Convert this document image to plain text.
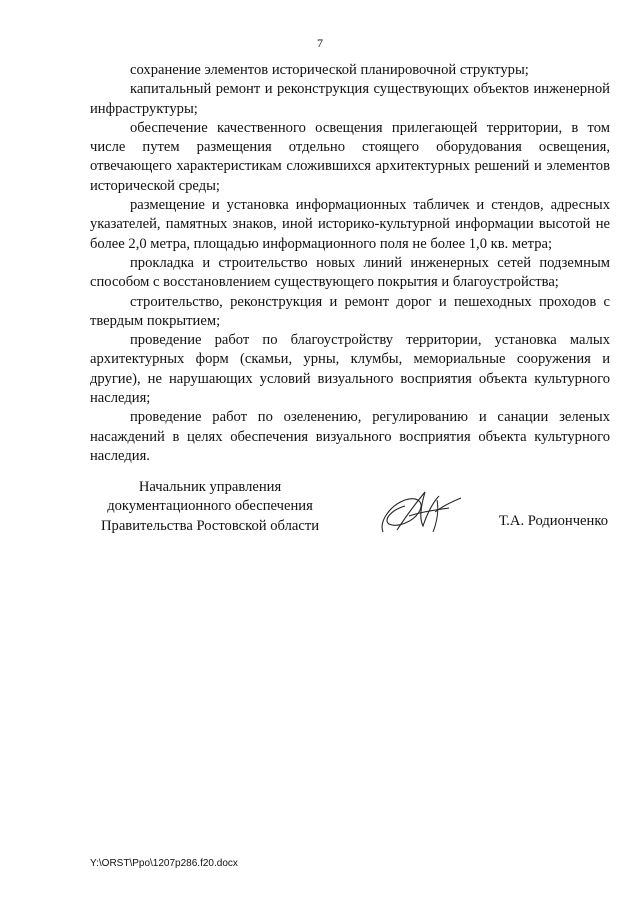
7

сохранение элементов исторической планировочной структуры;

капитальный ремонт и реконструкция существующих объектов инженерной инфраструктуры;

обеспечение качественного освещения прилегающей территории, в том числе путем размещения отдельно стоящего оборудования освещения, отвечающего характеристикам сложившихся архитектурных решений и элементов исторической среды;

размещение и установка информационных табличек и стендов, адресных указателей, памятных знаков, иной историко-культурной информации высотой не более 2,0 метра, площадью информационного поля не более 1,0 кв. метра;

прокладка и строительство новых линий инженерных сетей подземным способом с восстановлением существующего покрытия и благоустройства;

строительство, реконструкция и ремонт дорог и пешеходных проходов с твердым покрытием;

проведение работ по благоустройству территории, установка малых архитектурных форм (скамьи, урны, клумбы, мемориальные сооружения и другие), не нарушающих условий визуального восприятия объекта культурного наследия;

проведение работ по озеленению, регулированию и санации зеленых насаждений в целях обеспечения визуального восприятия объекта культурного наследия.

Начальник управления
документационного обеспечения
Правительства Ростовской области	Т.А. Родионченко
Y:\ORST\Ppo\1207p286.f20.docx
